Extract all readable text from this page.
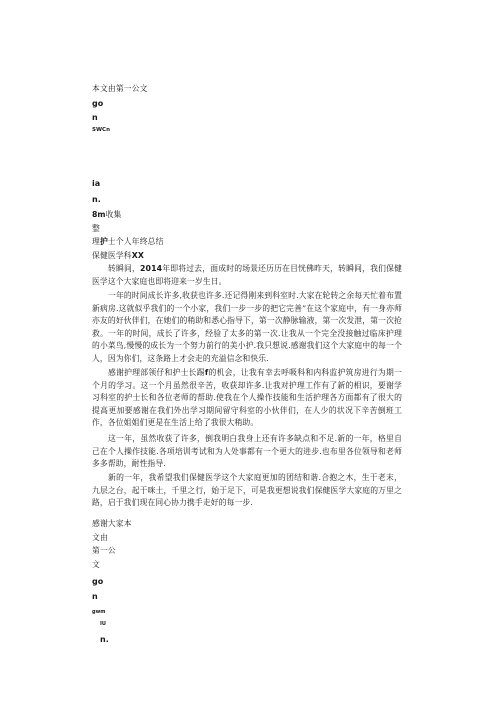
本文由第一公文
go
n
SWCn
ia
n.
8m收集
整
理护士个人年终总结
保健医学科XX

转瞬间，2014年即将过去，面成时的场景还历历在目恍佛昨天，转瞬间，我们保健医学这个大家庭也即将迎来一岁生日。

一年的时间成长许多,收获也许多.还记得刚来到科室时.大家在轮转之余每天忙着布置新病房.这就似乎我们的一个小家，我们一步一步的把它完善”在这个家庭中，有一身亦师亦友的好伙伴们，在她们的稍助和悉心指导下，第一次静脉输液，第一次发泄，第一次抢救。一年的时间，成长了许多，经验了太多的第一次.让我从一个完全没接触过临床护理的小菜鸟,慢慢的成长为一个努力前行的美小护.我只想说.感谢我们这个大家庭中的每一个人，因为你们，这条路上才会走的充溢信念和快乐.

感谢护理部领仔和护士长踢f的机会，让我有幸去呼吸科和内科监护筑房进行为期一个月的学习。这一个月虽然很辛苦，收获却许多.让我对护理工作有了新的相识，要谢学习科室的护士长和各位老师的帮助.使我在个人操作技能和生活护理各方面都有了很大的提高更加要感谢在我们外出学习期间留守科室的小伙伴们，在人少的状况下辛苦倒班工作，各位姐姐们更是在生活上给了我很大稍助。

这一年，虽然收获了许多，倒我明白我身上还有许多缺点和不足.新的一年，格里自己在个人操作技能.各项培训考试和为人处事都有一个更大的进步.也布里各位领导和老师多多帮助，耐性指导.

新的一年，我希望我们保健医学这个大家庭更加的团结和谐.合抱之木，生于老末，九层之台，起于咪土，千里之行，始于足下，可是我更想说我们保健医学大家庭的万里之路，启于我们现在同心协力携手走好的每一步.

感谢大家本
文由
第一公
文
go
n
gwm
IU
n.
